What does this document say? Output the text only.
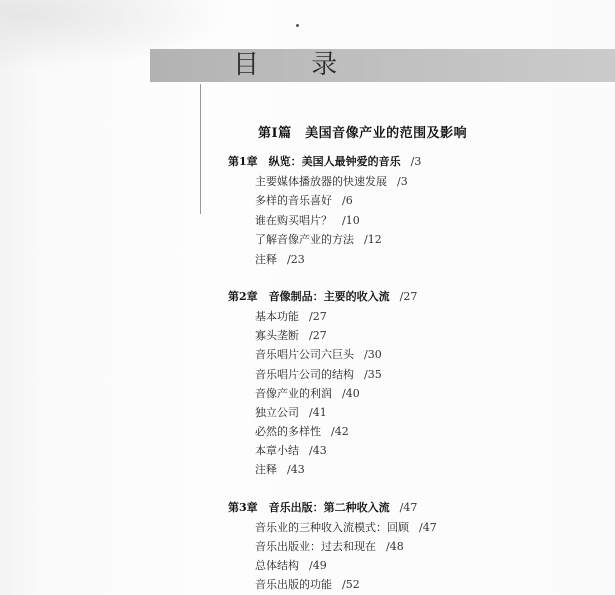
目 录
第I篇　美国音像产业的范围及影响
第1章　纵览：美国人最钟爱的音乐 /3
主要媒体播放器的快速发展 /3
多样的音乐喜好 /6
谁在购买唱片？ /10
了解音像产业的方法 /12
注释 /23
第2章　音像制品：主要的收入流 /27
基本功能 /27
寡头垄断 /27
音乐唱片公司六巨头 /30
音乐唱片公司的结构 /35
音像产业的利润 /40
独立公司 /41
必然的多样性 /42
本章小结 /43
注释 /43
第3章　音乐出版：第二种收入流 /47
音乐业的三种收入流模式：回顾 /47
音乐出版业：过去和现在 /48
总体结构 /49
音乐出版的功能 /52
